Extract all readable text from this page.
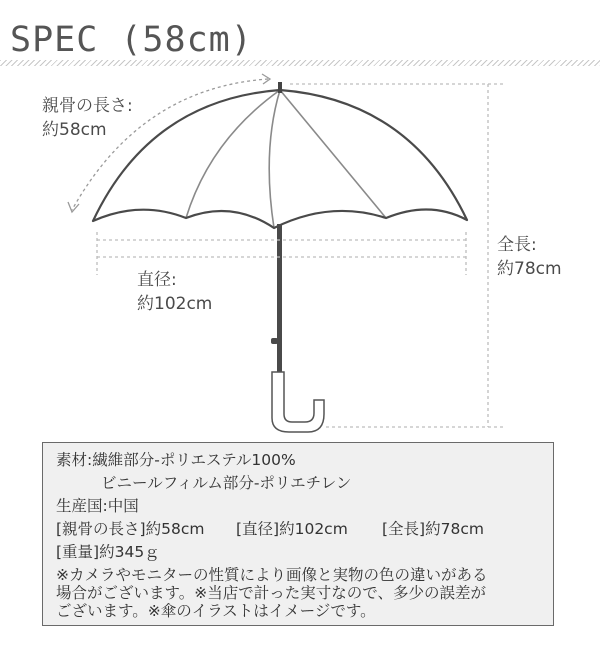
SPEC (58cm)
親骨の長さ:
約58cm
直径:
約102cm
全長:
約78cm
素材:繊維部分-ポリエステル100%
ビニールフィルム部分-ポリエチレン
生産国:中国
[親骨の長さ]約58cm [直径]約102cm [全長]約78cm
[重量]約345ｇ
※カメラやモニターの性質により画像と実物の色の違いがある
場合がございます。※当店で計った実寸なので、多少の誤差が
ございます。※傘のイラストはイメージです。
